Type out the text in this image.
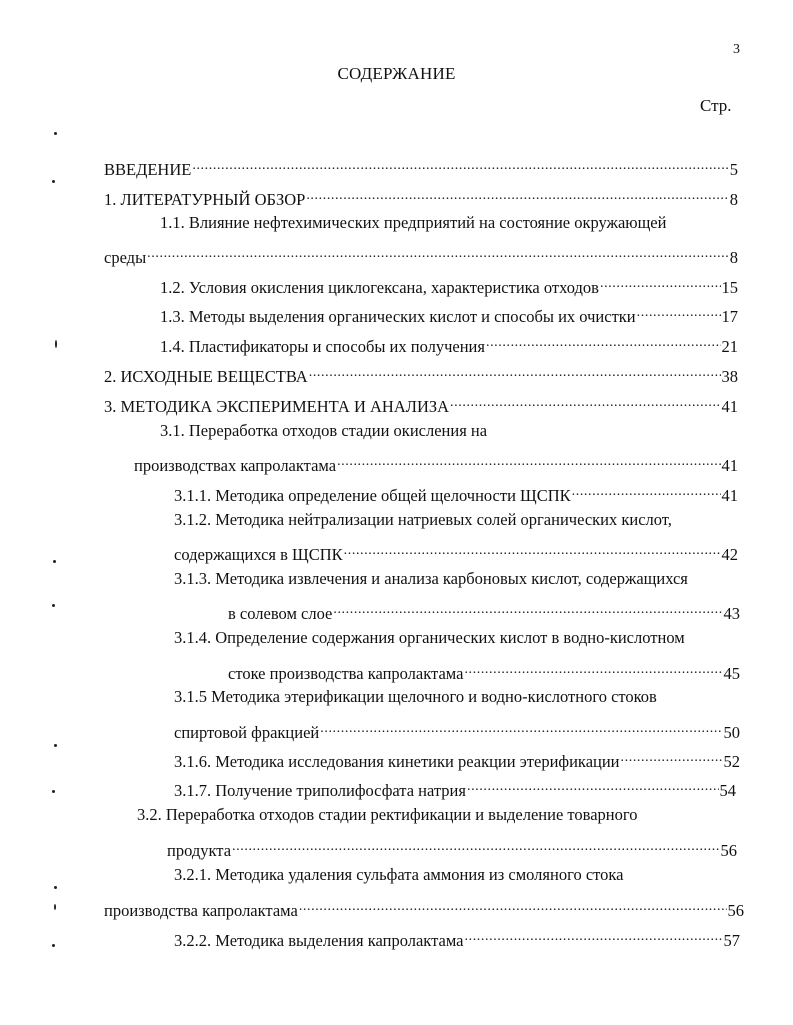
3
СОДЕРЖАНИЕ
Стр.
ВВЕДЕНИЕ .....	5
1. ЛИТЕРАТУРНЫЙ ОБЗОР .....	8
1.1. Влияние нефтехимических предприятий на состояние окружающей
среды .....	8
1.2. Условия окисления циклогексана, характеристика отходов .....	15
1.3. Методы выделения органических кислот и способы их очистки .....	17
1.4. Пластификаторы и способы их получения .....	21
2. ИСХОДНЫЕ ВЕЩЕСТВА .....	38
3. МЕТОДИКА ЭКСПЕРИМЕНТА И АНАЛИЗА .....	41
3.1. Переработка отходов стадии окисления на
производствах капролактама .....	41
3.1.1. Методика определение общей щелочности ЩСПК .....	41
3.1.2. Методика нейтрализации натриевых солей органических кислот,
содержащихся в ЩСПК .....	42
3.1.3. Методика извлечения и анализа карбоновых кислот, содержащихся
в солевом слое .....	43
3.1.4. Определение содержания органических кислот в водно-кислотном
стоке производства капролактама .....	45
3.1.5 Методика этерификации щелочного и водно-кислотного стоков
спиртовой фракцией .....	50
3.1.6. Методика исследования кинетики реакции этерификации .....	52
3.1.7. Получение триполифосфата натрия .....	54
3.2. Переработка отходов стадии ректификации и выделение товарного
продукта .....	56
3.2.1. Методика удаления сульфата аммония из смоляного стока
производства капролактама .....	56
3.2.2. Методика выделения капролактама .....	57
